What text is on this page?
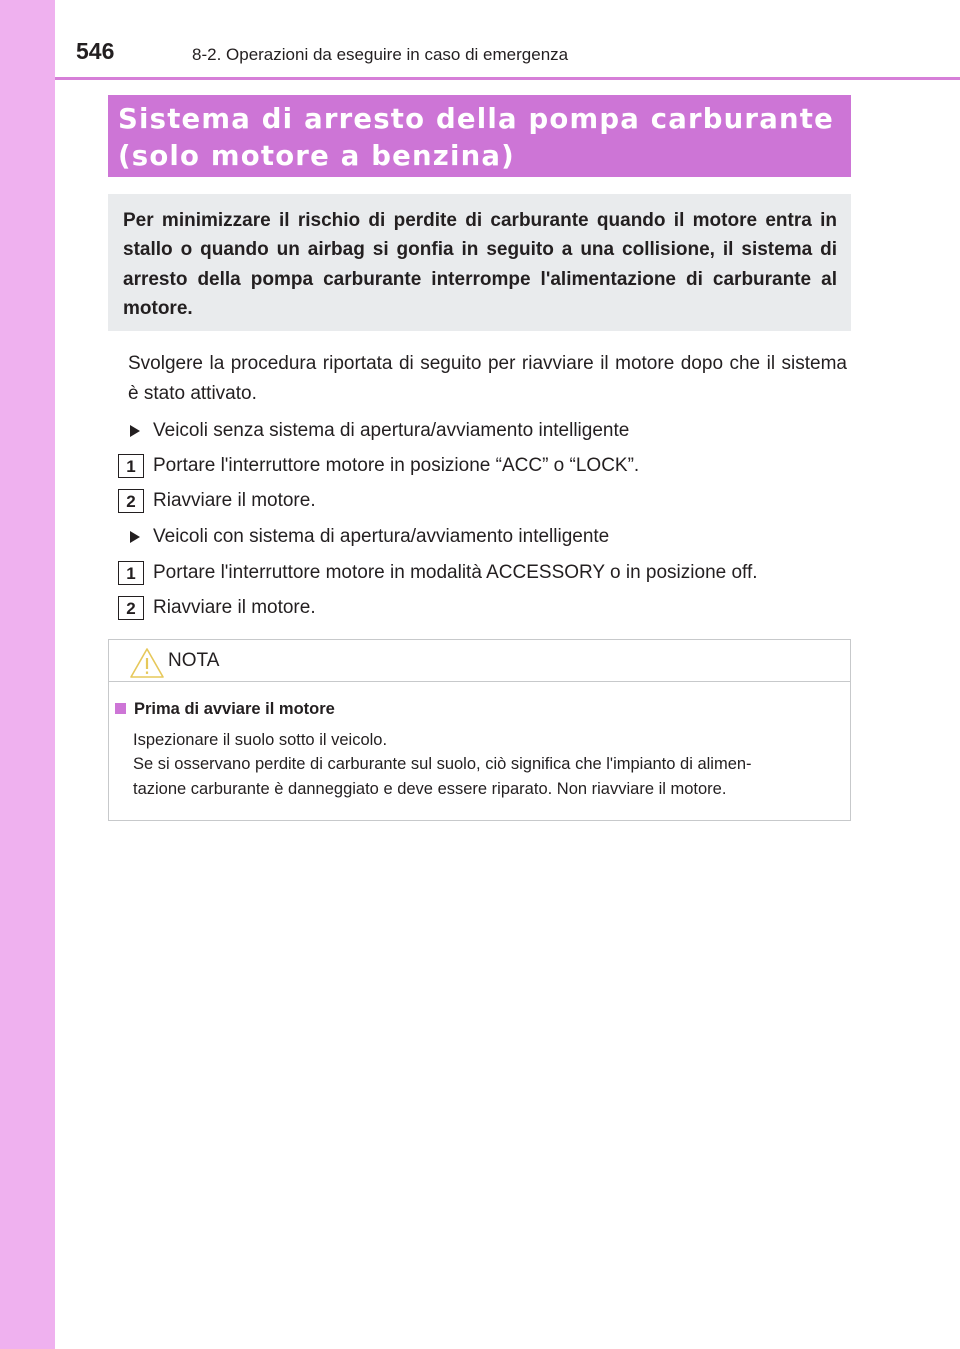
546	8-2. Operazioni da eseguire in caso di emergenza

Sistema di arresto della pompa carburante
(solo motore a benzina)

Per minimizzare il rischio di perdite di carburante quando il motore entra in stallo o quando un airbag si gonfia in seguito a una collisione, il sistema di arresto della pompa carburante interrompe l'alimentazione di carburante al motore.

Svolgere la procedura riportata di seguito per riavviare il motore dopo che il sistema è stato attivato.

Veicoli senza sistema di apertura/avviamento intelligente
1 Portare l'interruttore motore in posizione “ACC” o “LOCK”.
2 Riavviare il motore.
Veicoli con sistema di apertura/avviamento intelligente
1 Portare l'interruttore motore in modalità ACCESSORY o in posizione off.
2 Riavviare il motore.
NOTA
Prima di avviare il motore

Ispezionare il suolo sotto il veicolo.
Se si osservano perdite di carburante sul suolo, ciò significa che l'impianto di alimen-
tazione carburante è danneggiato e deve essere riparato. Non riavviare il motore.
